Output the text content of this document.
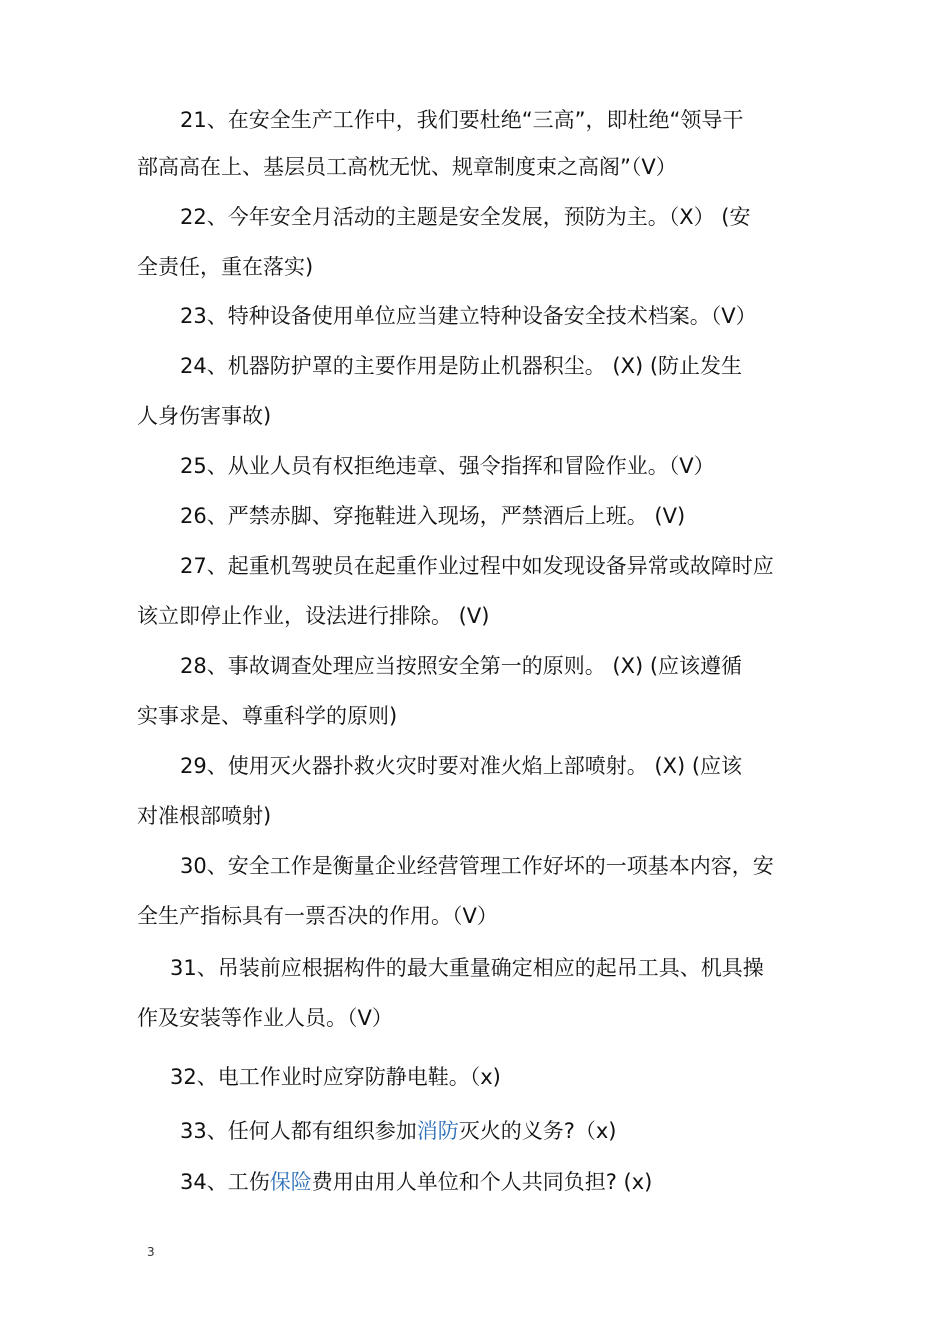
21、在安全生产工作中，我们要杜绝“三高”，即杜绝“领导干
部高高在上、基层员工高枕无忧、规章制度束之高阁”（V）
22、今年安全月活动的主题是安全发展，预防为主。（X） (安
全责任，重在落实)
23、特种设备使用单位应当建立特种设备安全技术档案。（V）
24、机器防护罩的主要作用是防止机器积尘。 (X) (防止发生
人身伤害事故)
25、从业人员有权拒绝违章、强令指挥和冒险作业。（V）
26、严禁赤脚、穿拖鞋进入现场，严禁酒后上班。 (V)
27、起重机驾驶员在起重作业过程中如发现设备异常或故障时应
该立即停止作业，设法进行排除。 (V)
28、事故调查处理应当按照安全第一的原则。 (X) (应该遵循
实事求是、尊重科学的原则)
29、使用灭火器扑救火灾时要对准火焰上部喷射。 (X) (应该
对准根部喷射)
30、安全工作是衡量企业经营管理工作好坏的一项基本内容，安
全生产指标具有一票否决的作用。（V）
31、吊装前应根据构件的最大重量确定相应的起吊工具、机具操
作及安装等作业人员。（V）
32、电工作业时应穿防静电鞋。（x)
33、任何人都有组织参加消防灭火的义务?（x)
34、工伤保险费用由用人单位和个人共同负担? (x)
3
